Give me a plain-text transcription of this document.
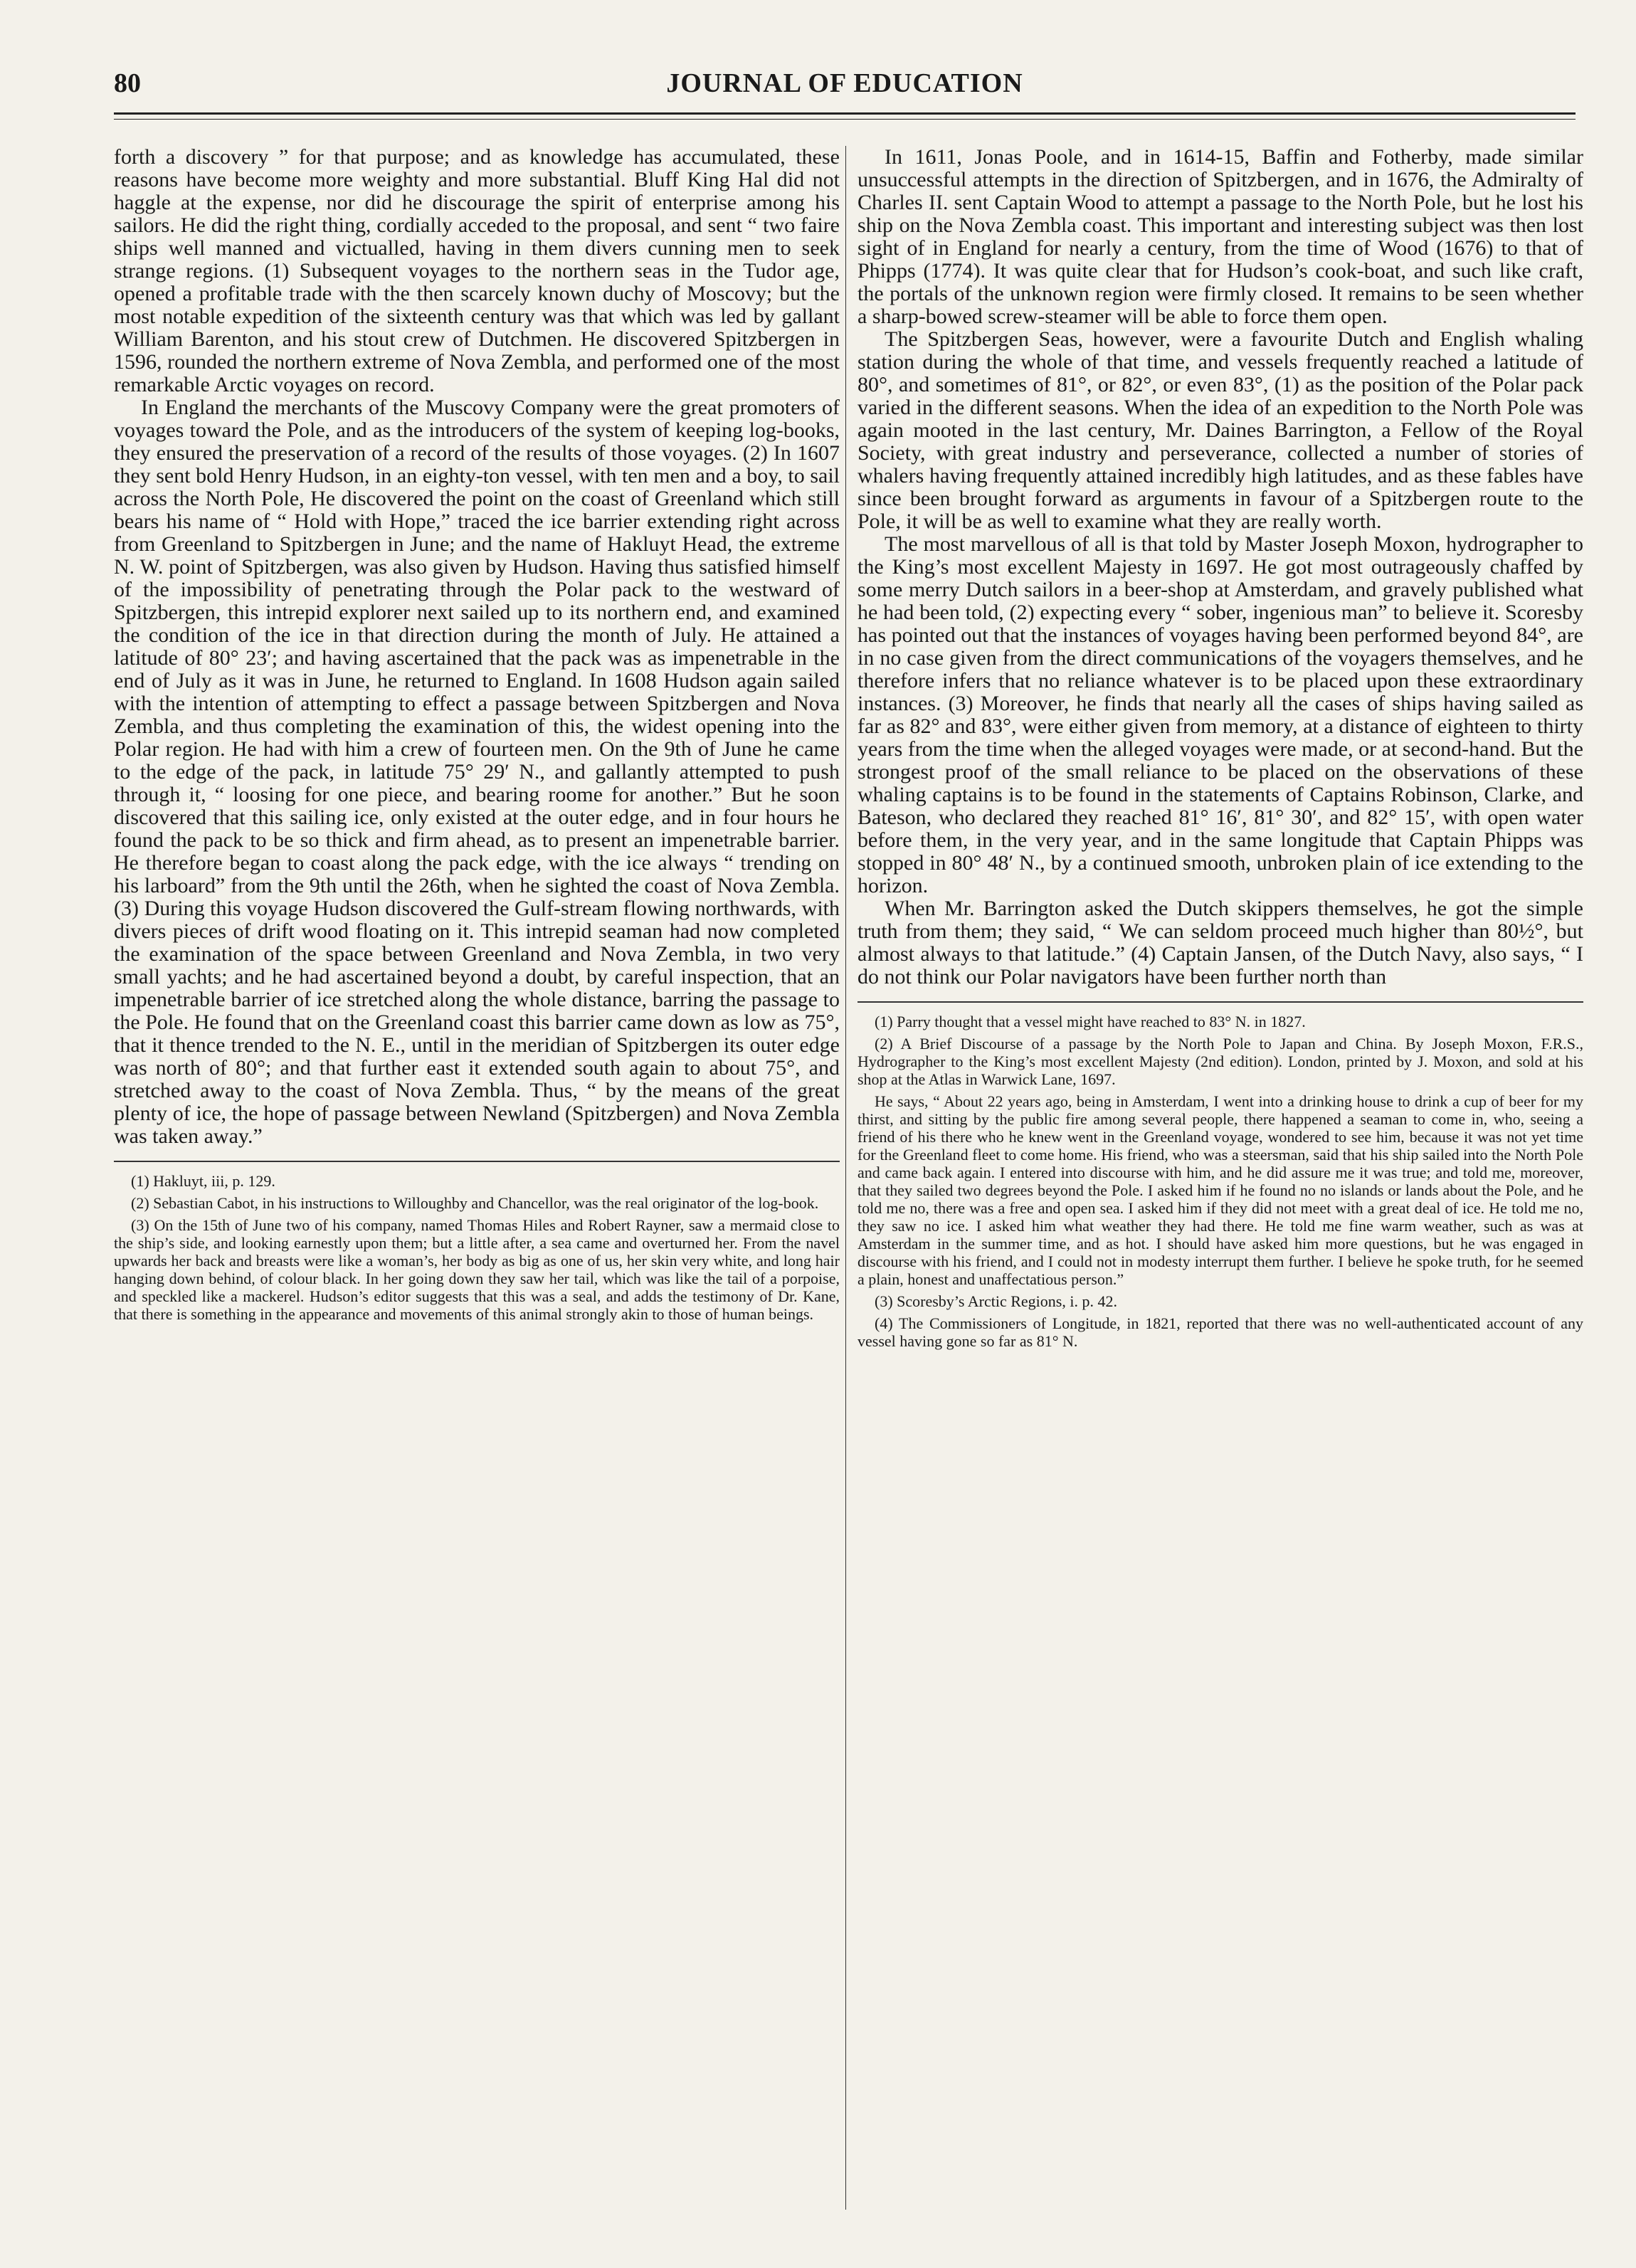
JOURNAL OF EDUCATION
80

forth a discovery ” for that purpose; and as knowledge has accumulated, these reasons have become more weighty and more substantial. Bluff King Hal did not haggle at the expense, nor did he discourage the spirit of enterprise among his sailors. He did the right thing, cordially acceded to the proposal, and sent “ two faire ships well manned and victualled, having in them divers cunning men to seek strange regions. (1) Subsequent voyages to the northern seas in the Tudor age, opened a profitable trade with the then scarcely known duchy of Moscovy; but the most notable expedition of the sixteenth century was that which was led by gallant William Barenton, and his stout crew of Dutchmen. He discovered Spitzbergen in 1596, rounded the northern extreme of Nova Zembla, and performed one of the most remarkable Arctic voyages on record.

In England the merchants of the Muscovy Company were the great promoters of voyages toward the Pole, and as the introducers of the system of keeping log-books, they ensured the preservation of a record of the results of those voyages. (2) In 1607 they sent bold Henry Hudson, in an eighty-ton vessel, with ten men and a boy, to sail across the North Pole, He discovered the point on the coast of Greenland which still bears his name of “ Hold with Hope,” traced the ice barrier extending right across from Greenland to Spitzbergen in June; and the name of Hakluyt Head, the extreme N. W. point of Spitzbergen, was also given by Hudson. Having thus satisfied himself of the impossibility of penetrating through the Polar pack to the westward of Spitzbergen, this intrepid explorer next sailed up to its northern end, and examined the condition of the ice in that direction during the month of July. He attained a latitude of 80° 23′; and having ascertained that the pack was as impenetrable in the end of July as it was in June, he returned to England. In 1608 Hudson again sailed with the intention of attempting to effect a passage between Spitzbergen and Nova Zembla, and thus completing the examination of this, the widest opening into the Polar region. He had with him a crew of fourteen men. On the 9th of June he came to the edge of the pack, in latitude 75° 29′ N., and gallantly attempted to push through it, “ loosing for one piece, and bearing roome for another.” But he soon discovered that this sailing ice, only existed at the outer edge, and in four hours he found the pack to be so thick and firm ahead, as to present an impenetrable barrier. He therefore began to coast along the pack edge, with the ice always “ trending on his larboard” from the 9th until the 26th, when he sighted the coast of Nova Zembla. (3) During this voyage Hudson discovered the Gulf-stream flowing northwards, with divers pieces of drift wood floating on it. This intrepid seaman had now completed the examination of the space between Greenland and Nova Zembla, in two very small yachts; and he had ascertained beyond a doubt, by careful inspection, that an impenetrable barrier of ice stretched along the whole distance, barring the passage to the Pole. He found that on the Greenland coast this barrier came down as low as 75°, that it thence trended to the N. E., until in the meridian of Spitzbergen its outer edge was north of 80°; and that further east it extended south again to about 75°, and stretched away to the coast of Nova Zembla. Thus, “ by the means of the great plenty of ice, the hope of passage between Newland (Spitzbergen) and Nova Zembla was taken away.”

(1) Hakluyt, iii, p. 129.

(2) Sebastian Cabot, in his instructions to Willoughby and Chancellor, was the real originator of the log-book.

(3) On the 15th of June two of his company, named Thomas Hiles and Robert Rayner, saw a mermaid close to the ship’s side, and looking earnestly upon them; but a little after, a sea came and overturned her. From the navel upwards her back and breasts were like a woman’s, her body as big as one of us, her skin very white, and long hair hanging down behind, of colour black. In her going down they saw her tail, which was like the tail of a porpoise, and speckled like a mackerel. Hudson’s editor suggests that this was a seal, and adds the testimony of Dr. Kane, that there is something in the appearance and movements of this animal strongly akin to those of human beings.

In 1611, Jonas Poole, and in 1614-15, Baffin and Fotherby, made similar unsuccessful attempts in the direction of Spitzbergen, and in 1676, the Admiralty of Charles II. sent Captain Wood to attempt a passage to the North Pole, but he lost his ship on the Nova Zembla coast. This important and interesting subject was then lost sight of in England for nearly a century, from the time of Wood (1676) to that of Phipps (1774). It was quite clear that for Hudson’s cook-boat, and such like craft, the portals of the unknown region were firmly closed. It remains to be seen whether a sharp-bowed screw-steamer will be able to force them open.

The Spitzbergen Seas, however, were a favourite Dutch and English whaling station during the whole of that time, and vessels frequently reached a latitude of 80°, and sometimes of 81°, or 82°, or even 83°, (1) as the position of the Polar pack varied in the different seasons. When the idea of an expedition to the North Pole was again mooted in the last century, Mr. Daines Barrington, a Fellow of the Royal Society, with great industry and perseverance, collected a number of stories of whalers having frequently attained incredibly high latitudes, and as these fables have since been brought forward as arguments in favour of a Spitzbergen route to the Pole, it will be as well to examine what they are really worth.

The most marvellous of all is that told by Master Joseph Moxon, hydrographer to the King’s most excellent Majesty in 1697. He got most outrageously chaffed by some merry Dutch sailors in a beer-shop at Amsterdam, and gravely published what he had been told, (2) expecting every “ sober, ingenious man” to believe it. Scoresby has pointed out that the instances of voyages having been performed beyond 84°, are in no case given from the direct communications of the voyagers themselves, and he therefore infers that no reliance whatever is to be placed upon these extraordinary instances. (3) Moreover, he finds that nearly all the cases of ships having sailed as far as 82° and 83°, were either given from memory, at a distance of eighteen to thirty years from the time when the alleged voyages were made, or at second-hand. But the strongest proof of the small reliance to be placed on the observations of these whaling captains is to be found in the statements of Captains Robinson, Clarke, and Bateson, who declared they reached 81° 16′, 81° 30′, and 82° 15′, with open water before them, in the very year, and in the same longitude that Captain Phipps was stopped in 80° 48′ N., by a continued smooth, unbroken plain of ice extending to the horizon.

When Mr. Barrington asked the Dutch skippers themselves, he got the simple truth from them; they said, “ We can seldom proceed much higher than 80½°, but almost always to that latitude.” (4) Captain Jansen, of the Dutch Navy, also says, “ I do not think our Polar navigators have been further north than

(1) Parry thought that a vessel might have reached to 83° N. in 1827.

(2) A Brief Discourse of a passage by the North Pole to Japan and China. By Joseph Moxon, F.R.S., Hydrographer to the King’s most excellent Majesty (2nd edition). London, printed by J. Moxon, and sold at his shop at the Atlas in Warwick Lane, 1697.

He says, “ About 22 years ago, being in Amsterdam, I went into a drinking house to drink a cup of beer for my thirst, and sitting by the public fire among several people, there happened a seaman to come in, who, seeing a friend of his there who he knew went in the Greenland voyage, wondered to see him, because it was not yet time for the Greenland fleet to come home. His friend, who was a steersman, said that his ship sailed into the North Pole and came back again. I entered into discourse with him, and he did assure me it was true; and told me, moreover, that they sailed two degrees beyond the Pole. I asked him if he found no no islands or lands about the Pole, and he told me no, there was a free and open sea. I asked him if they did not meet with a great deal of ice. He told me no, they saw no ice. I asked him what weather they had there. He told me fine warm weather, such as was at Amsterdam in the summer time, and as hot. I should have asked him more questions, but he was engaged in discourse with his friend, and I could not in modesty interrupt them further. I believe he spoke truth, for he seemed a plain, honest and unaffectatious person.”

(3) Scoresby’s Arctic Regions, i. p. 42.

(4) The Commissioners of Longitude, in 1821, reported that there was no well-authenticated account of any vessel having gone so far as 81° N.
